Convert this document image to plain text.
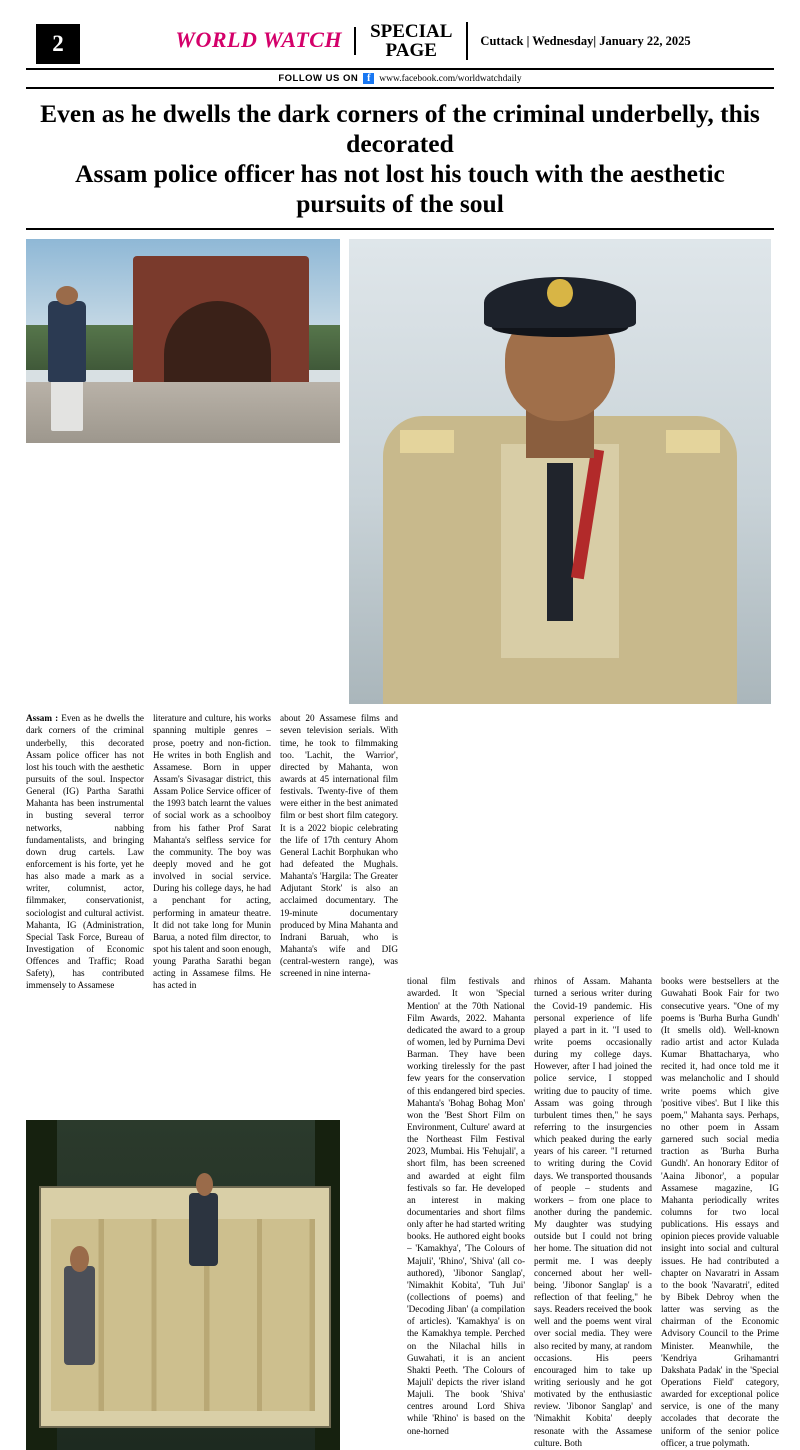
2	WORLD WATCH	SPECIAL
PAGE	Cuttack | Wednesday| January 22, 2025
FOLLOW US ON f www.facebook.com/worldwatchdaily
Even as he dwells the dark corners of the criminal underbelly, this decorated
Assam police officer has not lost his touch with the aesthetic pursuits of the soul

Assam : Even as he dwells the dark corners of the criminal underbelly, this decorated Assam police officer has not lost his touch with the aesthetic pursuits of the soul. Inspector General (IG) Partha Sarathi Mahanta has been instrumental in busting several terror networks, nabbing fundamentalists, and bringing down drug cartels. Law enforcement is his forte, yet he has also made a mark as a writer, columnist, actor, filmmaker, conservationist, sociologist and cultural activist. Mahanta, IG (Administration, Special Task Force, Bureau of Investigation of Economic Offences and Traffic; Road Safety), has contributed immensely to Assamese

literature and culture, his works spanning multiple genres – prose, poetry and non-fiction. He writes in both English and Assamese. Born in upper Assam's Sivasagar district, this Assam Police Service officer of the 1993 batch learnt the values of social work as a schoolboy from his father Prof Sarat Mahanta's selfless service for the community. The boy was deeply moved and he got involved in social service. During his college days, he had a penchant for acting, performing in amateur theatre. It did not take long for Munin Barua, a noted film director, to spot his talent and soon enough, young Paratha Sarathi began acting in Assamese films. He has acted in

about 20 Assamese films and seven television serials. With time, he took to filmmaking too. 'Lachit, the Warrior', directed by Mahanta, won awards at 45 international film festivals. Twenty-five of them were either in the best animated film or best short film category. It is a 2022 biopic celebrating the life of 17th century Ahom General Lachit Borphukan who had defeated the Mughals. Mahanta's 'Hargila: The Greater Adjutant Stork' is also an acclaimed documentary. The 19-minute documentary produced by Mina Mahanta and Indrani Baruah, who is Mahanta's wife and DIG (central-western range), was screened in nine interna-

tional film festivals and awarded. It won 'Special Mention' at the 70th National Film Awards, 2022. Mahanta dedicated the award to a group of women, led by Purnima Devi Barman. They have been working tirelessly for the past few years for the conservation of this endangered bird species. Mahanta's 'Bohag Bohag Mon' won the 'Best Short Film on Environment, Culture' award at the Northeast Film Festival 2023, Mumbai. His 'Fehujali', a short film, has been screened and awarded at eight film festivals so far. He developed an interest in making documentaries and short films only after he had started writing books. He authored eight books – 'Kamakhya', 'The Colours of Majuli', 'Rhino', 'Shiva' (all co-authored), 'Jibonor Sanglap', 'Nimakhit Kobita', 'Tuh Jui' (collections of poems) and 'Decoding Jiban' (a compilation of articles). 'Kamakhya' is on the Kamakhya temple. Perched on the Nilachal hills in Guwahati, it is an ancient Shakti Peeth. 'The Colours of Majuli' depicts the river island Majuli. The book 'Shiva' centres around Lord Shiva while 'Rhino' is based on the one-horned

rhinos of Assam. Mahanta turned a serious writer during the Covid-19 pandemic. His personal experience of life played a part in it. "I used to write poems occasionally during my college days. However, after I had joined the police service, I stopped writing due to paucity of time. Assam was going through turbulent times then," he says referring to the insurgencies which peaked during the early years of his career. "I returned to writing during the Covid days. We transported thousands of people – students and workers – from one place to another during the pandemic. My daughter was studying outside but I could not bring her home. The situation did not permit me. I was deeply concerned about her well-being. 'Jibonor Sanglap' is a reflection of that feeling," he says. Readers received the book well and the poems went viral over social media. They were also recited by many, at random occasions. His peers encouraged him to take up writing seriously and he got motivated by the enthusiastic review. 'Jibonor Sanglap' and 'Nimakhit Kobita' deeply resonate with the Assamese culture. Both

books were bestsellers at the Guwahati Book Fair for two consecutive years. "One of my poems is 'Burha Burha Gundh' (It smells old). Well-known radio artist and actor Kulada Kumar Bhattacharya, who recited it, had once told me it was melancholic and I should write poems which give 'positive vibes'. But I like this poem," Mahanta says. Perhaps, no other poem in Assam garnered such social media traction as 'Burha Burha Gundh'. An honorary Editor of 'Aaina Jibonor', a popular Assamese magazine, IG Mahanta periodically writes columns for two local publications. His essays and opinion pieces provide valuable insight into social and cultural issues. He had contributed a chapter on Navaratri in Assam to the book 'Navaratri', edited by Bibek Debroy when the latter was serving as the chairman of the Economic Advisory Council to the Prime Minister. Meanwhile, the 'Kendriya Grihamantri Dakshata Padak' in the 'Special Operations Field' category, awarded for exceptional police service, is one of the many accolades that decorate the uniform of the senior police officer, a true polymath.
